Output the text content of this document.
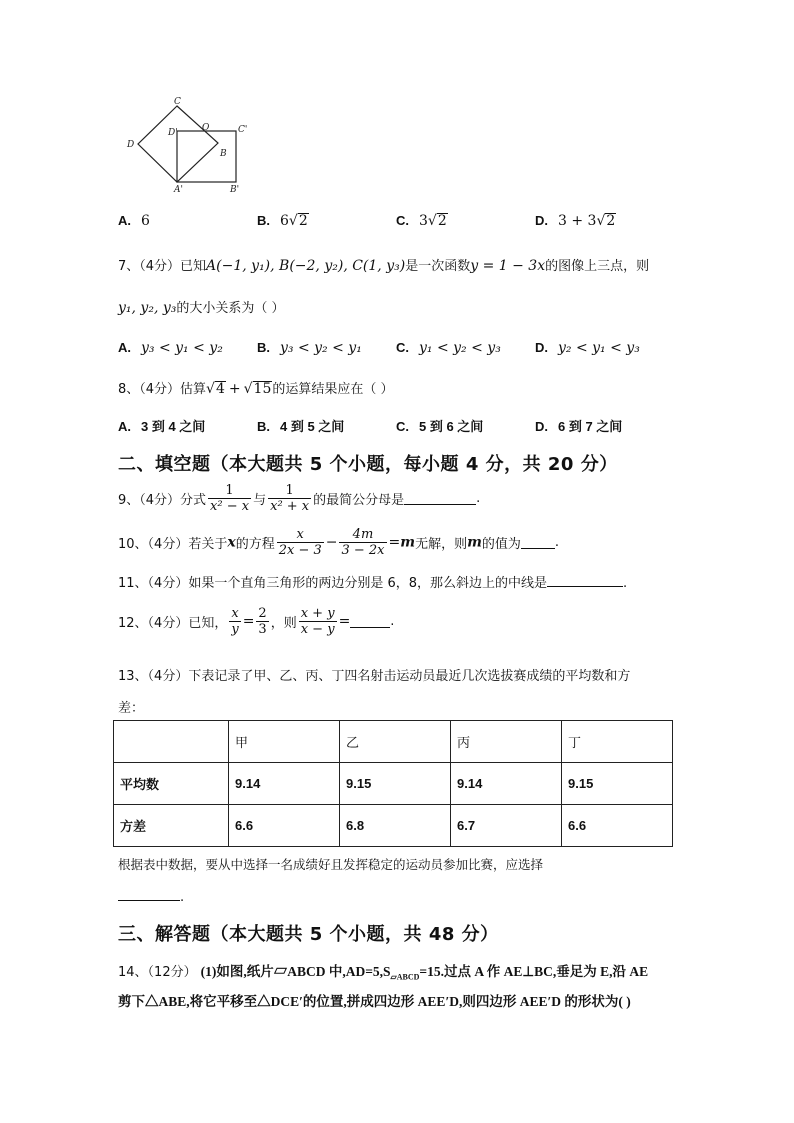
C
D'	O	C'
D
B
A'	B'
A. 6	B. 6√2	C. 3√2	D. 3 + 3√2
7、（4分）已知A(−1, y₁), B(−2, y₂), C(1, y₃)是一次函数y = 1 − 3x的图像上三点，则
y₁, y₂, y₃的大小关系为（ ）
A. y₃ < y₁ < y₂	B. y₃ < y₂ < y₁	C. y₁ < y₂ < y₃	D. y₂ < y₁ < y₃
8、（4分）估算√4 + √15的运算结果应在（ ）
A. 3 到 4 之间	B. 4 到 5 之间	C. 5 到 6 之间	D. 6 到 7 之间
二、填空题（本大题共 5 个小题，每小题 4 分，共 20 分）
9、（4分）分式 $\frac{1}{\text{x² − x}}$ 与 $\frac{1}{\text{x² + x}}$ 的最简公分母是	.
10、（4分）若关于x的方程 $\frac{x}{2x - 3} - \frac{4m}{3 - 2x} =m$无解，则m的值为	.
11、（4分）如果一个直角三角形的两边分别是 6，8，那么斜边上的中线是	.
12、（4分）已知， $\frac{x}{y} = \frac{2}{3}$ ，则 $\frac{x + y}{x - y}$ =	.
13、（4分）下表记录了甲、乙、丙、丁四名射击运动员最近几次选拔赛成绩的平均数和方
差：
	甲	乙	丙	丁
平均数	9.14	9.15	9.14	9.15
方差	6.6	6.8	6.7	6.6
根据表中数据，要从中选择一名成绩好且发挥稳定的运动员参加比赛，应选择
.
三、解答题（本大题共 5 个小题，共 48 分）
14、（12分） (1)如图,纸片▱ABCD 中$,AD=5,S_{▱ABCD}=15$.过点 A 作 AE⊥BC,垂足为 E,沿 AE
剪下△ABE,将它平移至△DCE′的位置,拼成四边形 AEE′D,则四边形 AEE′D 的形状为( )
